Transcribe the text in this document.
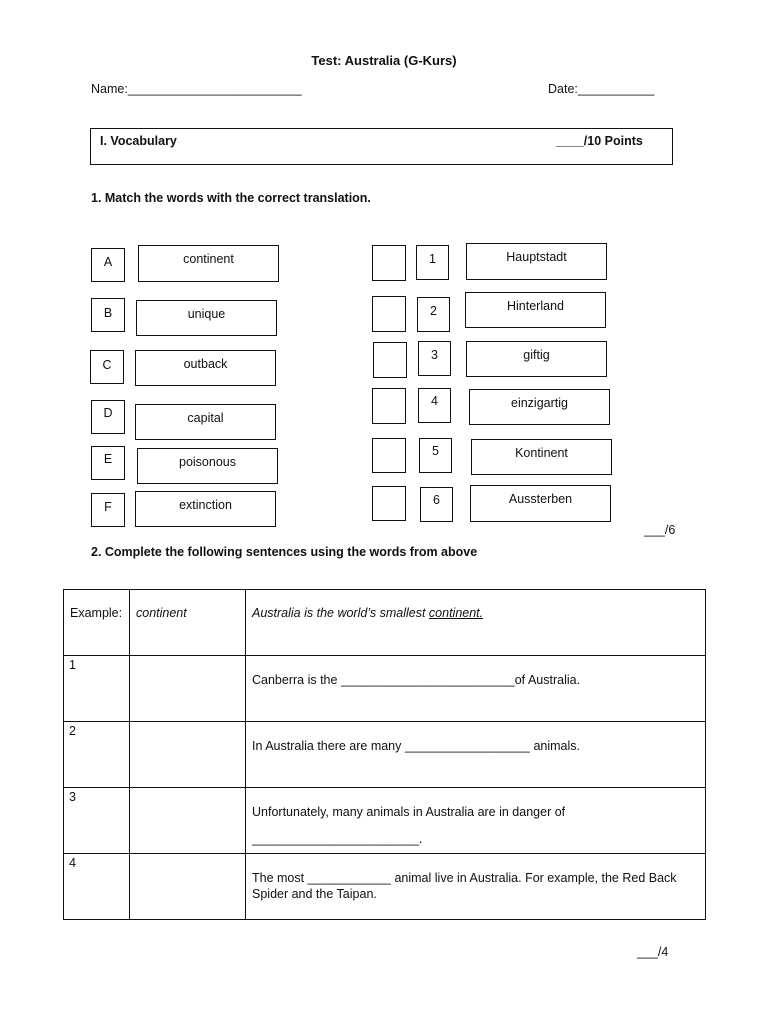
Test: Australia (G-Kurs)
Name:_________________________	Date:___________
I. Vocabulary	____/10 Points
1. Match the words with the correct translation.
A
B
C
D
E
F
continent
unique
outback
capital
poisonous
extinction
1
2
3
4
5
6
Hauptstadt
Hinterland
giftig
einzigartig
Kontinent
Aussterben
___/6
2. Complete the following sentences using the words from above
Example:	continent	Australia is the world’s smallest continent.

1		Canberra is the _________________________of Australia.

2		In Australia there are many __________________ animals.

3		Unfortunately, many animals in Australia are in danger of
________________________.

4		The most ____________ animal live in Australia. For example, the Red Back
Spider and the Taipan.
___/4
